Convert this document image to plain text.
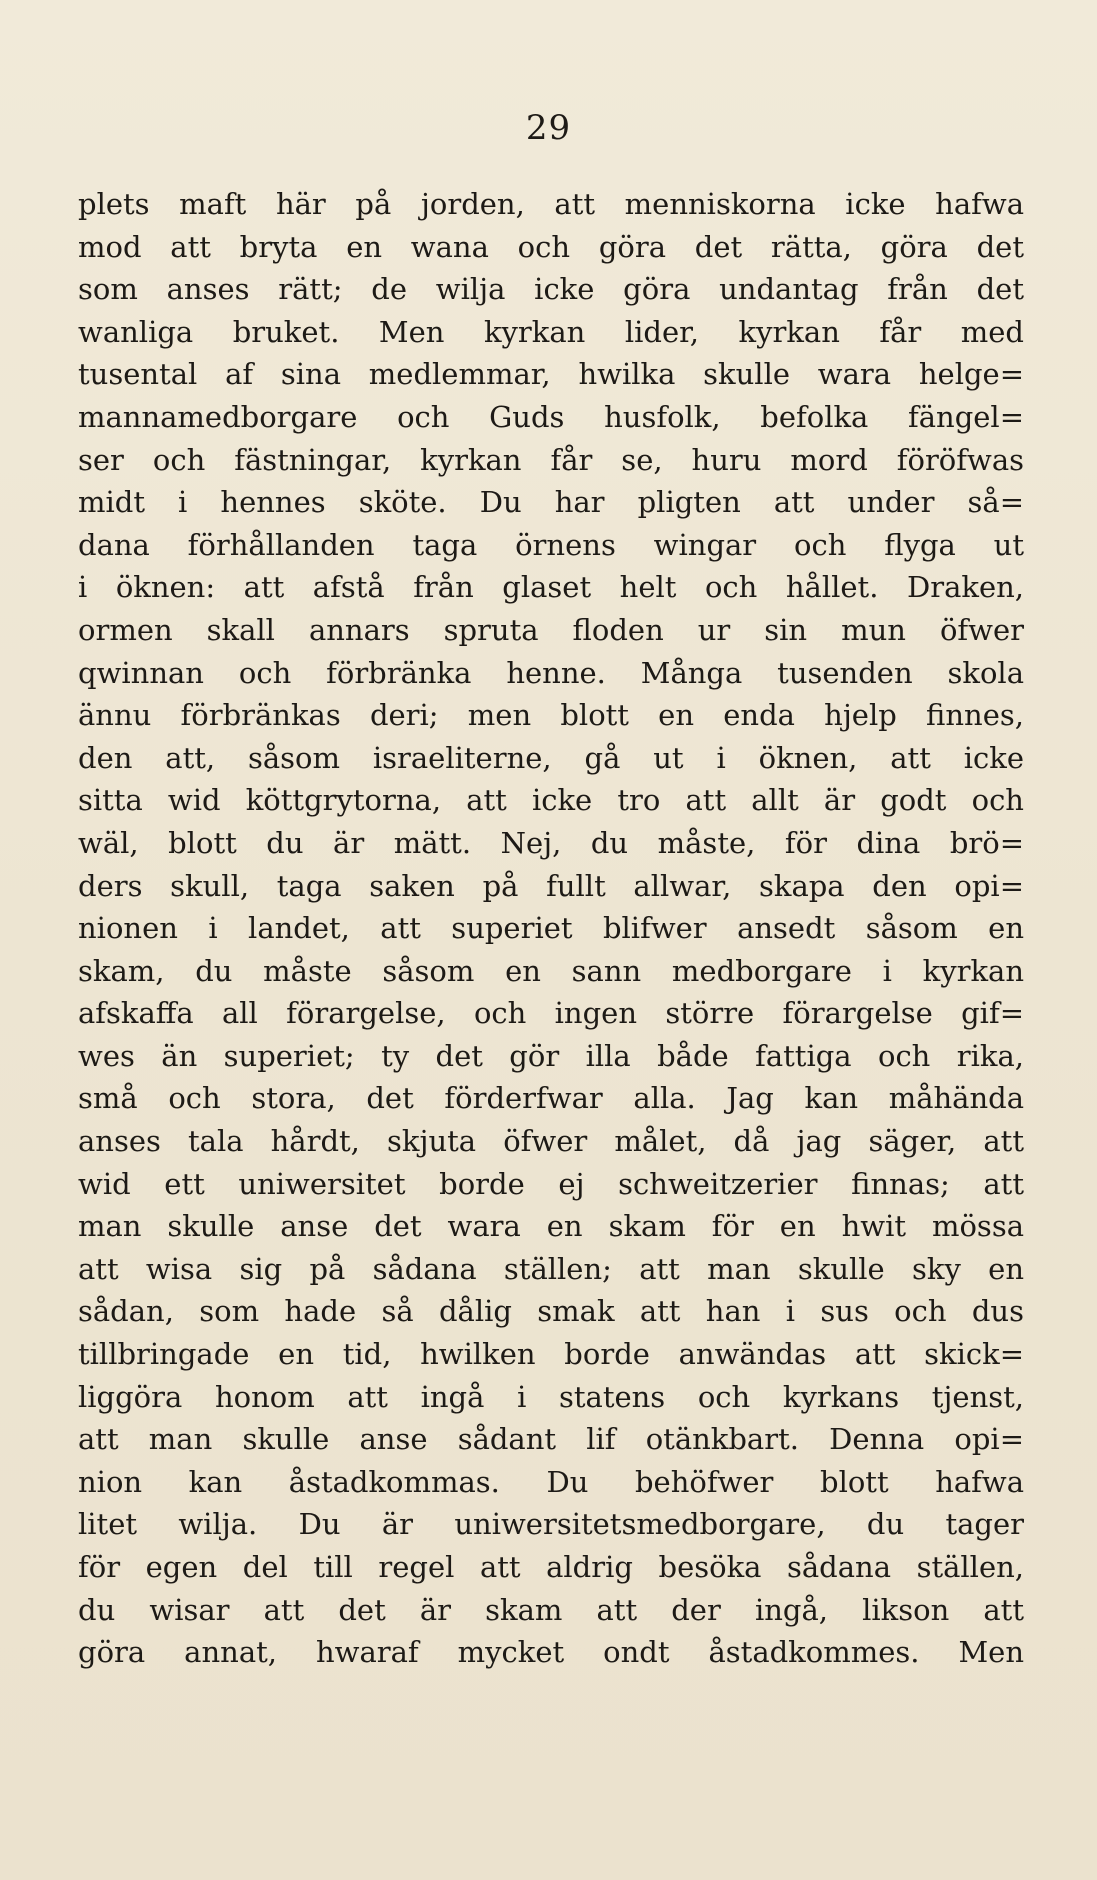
29
plets maft här på jorden, att menniskorna icke hafwa
mod att bryta en wana och göra det rätta, göra det
som anses rätt; de wilja icke göra undantag från det
wanliga bruket. Men kyrkan lider, kyrkan får med
tusental af sina medlemmar, hwilka skulle wara helge=
mannamedborgare och Guds husfolk, befolka fängel=
ser och fästningar, kyrkan får se, huru mord föröfwas
midt i hennes sköte. Du har pligten att under så=
dana förhållanden taga örnens wingar och flyga ut
i öknen: att afstå från glaset helt och hållet. Draken,
ormen skall annars spruta floden ur sin mun öfwer
qwinnan och förbränka henne. Många tusenden skola
ännu förbränkas deri; men blott en enda hjelp finnes,
den att, såsom israeliterne, gå ut i öknen, att icke
sitta wid köttgrytorna, att icke tro att allt är godt och
wäl, blott du är mätt. Nej, du måste, för dina brö=
ders skull, taga saken på fullt allwar, skapa den opi=
nionen i landet, att superiet blifwer ansedt såsom en
skam, du måste såsom en sann medborgare i kyrkan
afskaffa all förargelse, och ingen större förargelse gif=
wes än superiet; ty det gör illa både fattiga och rika,
små och stora, det förderfwar alla. Jag kan måhända
anses tala hårdt, skjuta öfwer målet, då jag säger, att
wid ett uniwersitet borde ej schweitzerier finnas; att
man skulle anse det wara en skam för en hwit mössa
att wisa sig på sådana ställen; att man skulle sky en
sådan, som hade så dålig smak att han i sus och dus
tillbringade en tid, hwilken borde anwändas att skick=
liggöra honom att ingå i statens och kyrkans tjenst,
att man skulle anse sådant lif otänkbart. Denna opi=
nion kan åstadkommas. Du behöfwer blott hafwa
litet wilja. Du är uniwersitetsmedborgare, du tager
för egen del till regel att aldrig besöka sådana ställen,
du wisar att det är skam att der ingå, likson att
göra annat, hwaraf mycket ondt åstadkommes. Men
